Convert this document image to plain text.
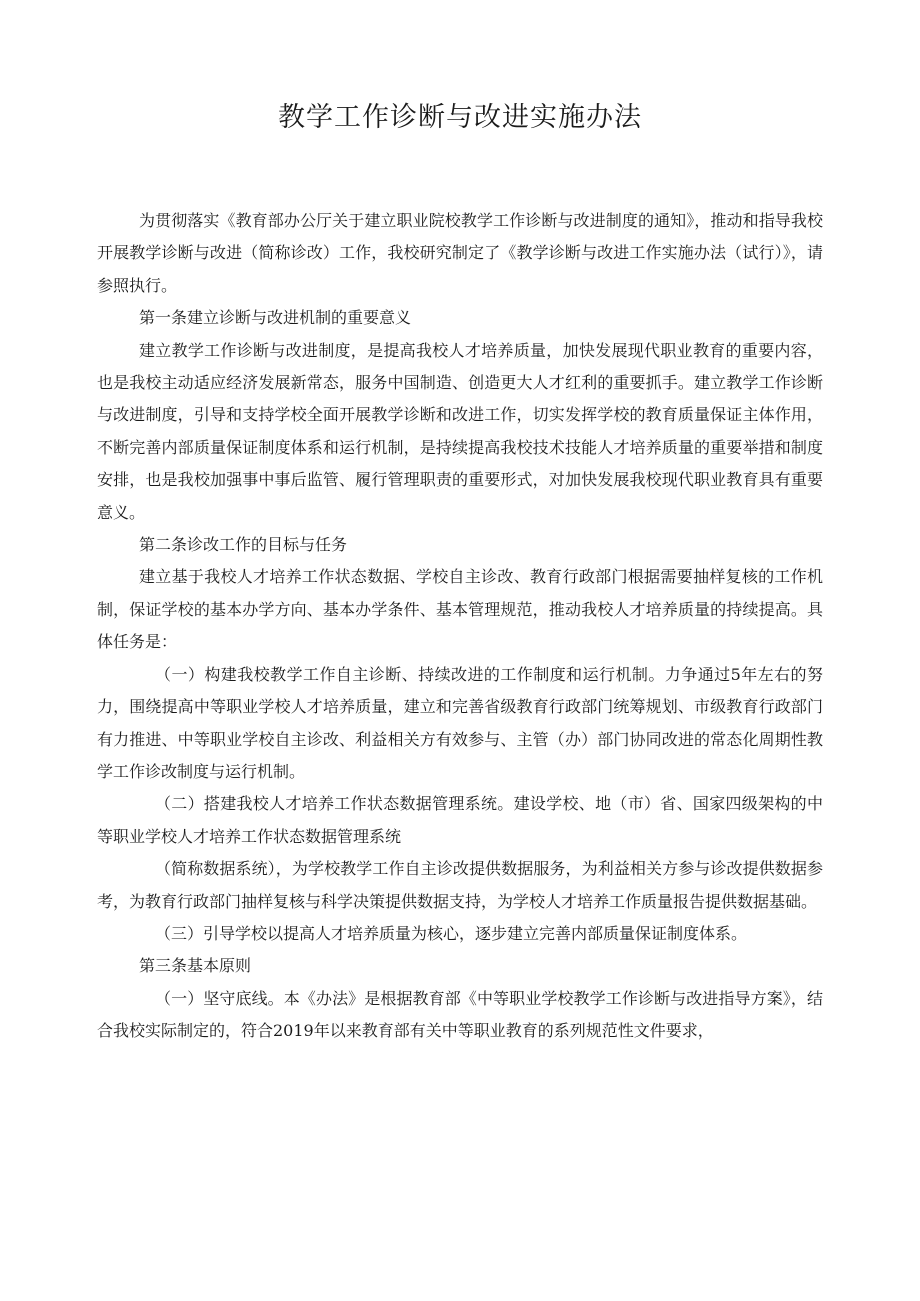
教学工作诊断与改进实施办法

为贯彻落实《教育部办公厅关于建立职业院校教学工作诊断与改进制度的通知》，推动和指导我校开展教学诊断与改进（简称诊改）工作，我校研究制定了《教学诊断与改进工作实施办法（试行）》，请参照执行。

第一条建立诊断与改进机制的重要意义

建立教学工作诊断与改进制度，是提高我校人才培养质量，加快发展现代职业教育的重要内容，也是我校主动适应经济发展新常态，服务中国制造、创造更大人才红利的重要抓手。建立教学工作诊断与改进制度，引导和支持学校全面开展教学诊断和改进工作，切实发挥学校的教育质量保证主体作用，不断完善内部质量保证制度体系和运行机制，是持续提高我校技术技能人才培养质量的重要举措和制度安排，也是我校加强事中事后监管、履行管理职责的重要形式，对加快发展我校现代职业教育具有重要意义。

第二条诊改工作的目标与任务

建立基于我校人才培养工作状态数据、学校自主诊改、教育行政部门根据需要抽样复核的工作机制，保证学校的基本办学方向、基本办学条件、基本管理规范，推动我校人才培养质量的持续提高。具体任务是：

（一）构建我校教学工作自主诊断、持续改进的工作制度和运行机制。力争通过5年左右的努力，围绕提高中等职业学校人才培养质量，建立和完善省级教育行政部门统筹规划、市级教育行政部门有力推进、中等职业学校自主诊改、利益相关方有效参与、主管（办）部门协同改进的常态化周期性教学工作诊改制度与运行机制。

（二）搭建我校人才培养工作状态数据管理系统。建设学校、地（市）省、国家四级架构的中等职业学校人才培养工作状态数据管理系统

（简称数据系统），为学校教学工作自主诊改提供数据服务，为利益相关方参与诊改提供数据参考，为教育行政部门抽样复核与科学决策提供数据支持，为学校人才培养工作质量报告提供数据基础。

（三）引导学校以提高人才培养质量为核心，逐步建立完善内部质量保证制度体系。

第三条基本原则

（一）坚守底线。本《办法》是根据教育部《中等职业学校教学工作诊断与改进指导方案》，结合我校实际制定的，符合2019年以来教育部有关中等职业教育的系列规范性文件要求，
